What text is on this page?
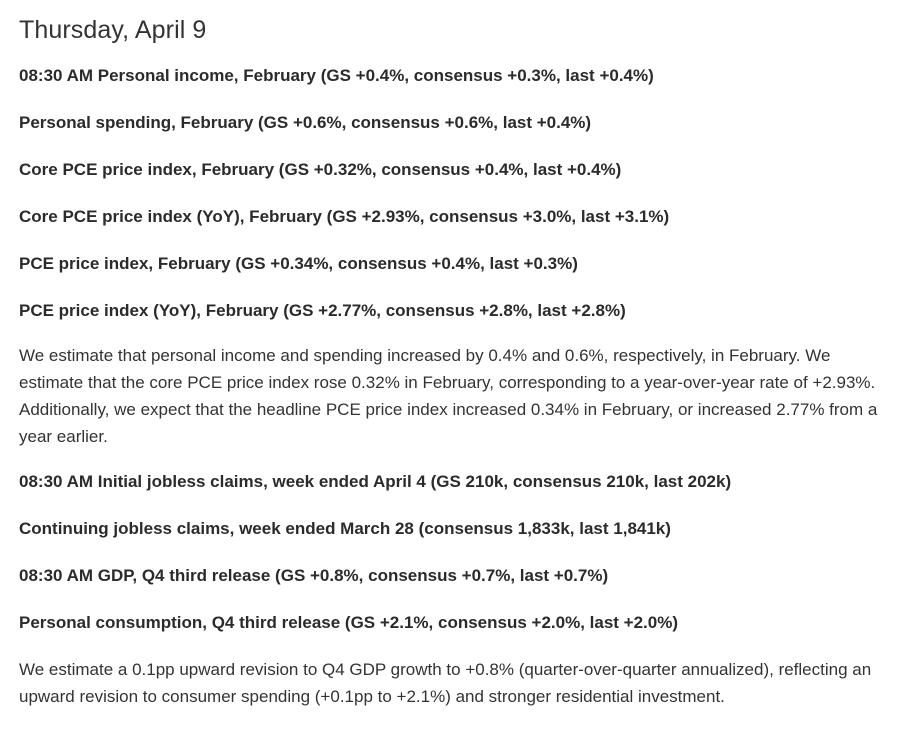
Thursday, April 9

08:30 AM Personal income, February (GS +0.4%, consensus +0.3%, last +0.4%)

Personal spending, February (GS +0.6%, consensus +0.6%, last +0.4%)

Core PCE price index, February (GS +0.32%, consensus +0.4%, last +0.4%)

Core PCE price index (YoY), February (GS +2.93%, consensus +3.0%, last +3.1%)

PCE price index, February (GS +0.34%, consensus +0.4%, last +0.3%)

PCE price index (YoY), February (GS +2.77%, consensus +2.8%, last +2.8%)

We estimate that personal income and spending increased by 0.4% and 0.6%, respectively, in February. We estimate that the core PCE price index rose 0.32% in February, corresponding to a year-over-year rate of +2.93%. Additionally, we expect that the headline PCE price index increased 0.34% in February, or increased 2.77% from a year earlier.

08:30 AM Initial jobless claims, week ended April 4 (GS 210k, consensus 210k, last 202k)

Continuing jobless claims, week ended March 28 (consensus 1,833k, last 1,841k)

08:30 AM GDP, Q4 third release (GS +0.8%, consensus +0.7%, last +0.7%)

Personal consumption, Q4 third release (GS +2.1%, consensus +2.0%, last +2.0%)

We estimate a 0.1pp upward revision to Q4 GDP growth to +0.8% (quarter-over-quarter annualized), reflecting an upward revision to consumer spending (+0.1pp to +2.1%) and stronger residential investment.
